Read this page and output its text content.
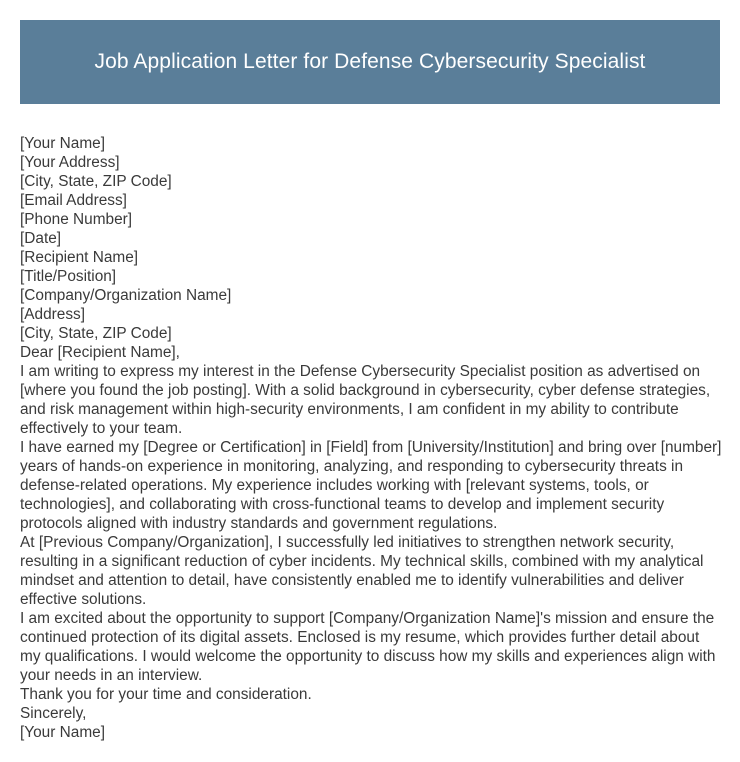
Job Application Letter for Defense Cybersecurity Specialist

[Your Name]

[Your Address]

[City, State, ZIP Code]

[Email Address]

[Phone Number]

[Date]

[Recipient Name]

[Title/Position]

[Company/Organization Name]

[Address]

[City, State, ZIP Code]

Dear [Recipient Name],

I am writing to express my interest in the Defense Cybersecurity Specialist position as advertised on [where you found the job posting]. With a solid background in cybersecurity, cyber defense strategies, and risk management within high-security environments, I am confident in my ability to contribute effectively to your team.

I have earned my [Degree or Certification] in [Field] from [University/Institution] and bring over [number] years of hands-on experience in monitoring, analyzing, and responding to cybersecurity threats in defense-related operations. My experience includes working with [relevant systems, tools, or technologies], and collaborating with cross-functional teams to develop and implement security protocols aligned with industry standards and government regulations.

At [Previous Company/Organization], I successfully led initiatives to strengthen network security, resulting in a significant reduction of cyber incidents. My technical skills, combined with my analytical mindset and attention to detail, have consistently enabled me to identify vulnerabilities and deliver effective solutions.

I am excited about the opportunity to support [Company/Organization Name]'s mission and ensure the continued protection of its digital assets. Enclosed is my resume, which provides further detail about my qualifications. I would welcome the opportunity to discuss how my skills and experiences align with your needs in an interview.

Thank you for your time and consideration.

Sincerely,

[Your Name]
